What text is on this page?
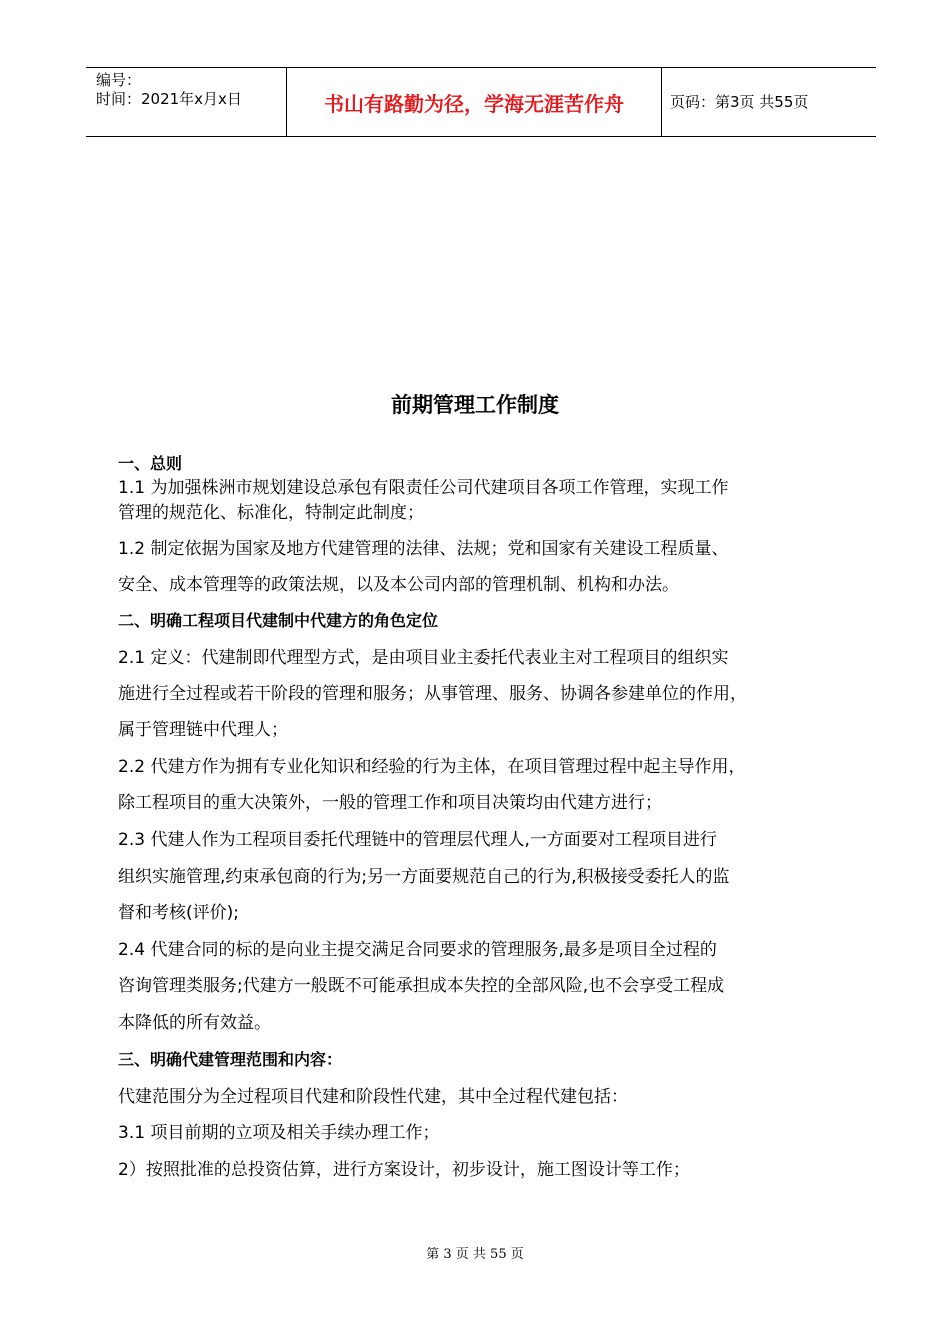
编号：
时间：2021年x月x日	书山有路勤为径，学海无涯苦作舟	页码：第3页 共55页
前期管理工作制度
一、总则
1.1 为加强株洲市规划建设总承包有限责任公司代建项目各项工作管理，实现工作
管理的规范化、标准化，特制定此制度；
1.2 制定依据为国家及地方代建管理的法律、法规；党和国家有关建设工程质量、
安全、成本管理等的政策法规，以及本公司内部的管理机制、机构和办法。
二、明确工程项目代建制中代建方的角色定位
2.1 定义：代建制即代理型方式，是由项目业主委托代表业主对工程项目的组织实
施进行全过程或若干阶段的管理和服务；从事管理、服务、协调各参建单位的作用，
属于管理链中代理人；
2.2 代建方作为拥有专业化知识和经验的行为主体，在项目管理过程中起主导作用，
除工程项目的重大决策外，一般的管理工作和项目决策均由代建方进行；
2.3 代建人作为工程项目委托代理链中的管理层代理人,一方面要对工程项目进行
组织实施管理,约束承包商的行为;另一方面要规范自己的行为,积极接受委托人的监
督和考核(评价);
2.4 代建合同的标的是向业主提交满足合同要求的管理服务,最多是项目全过程的
咨询管理类服务;代建方一般既不可能承担成本失控的全部风险,也不会享受工程成
本降低的所有效益。
三、明确代建管理范围和内容：
代建范围分为全过程项目代建和阶段性代建，其中全过程代建包括：
3.1 项目前期的立项及相关手续办理工作；
2）按照批准的总投资估算，进行方案设计，初步设计，施工图设计等工作；
第 3 页 共 55 页
